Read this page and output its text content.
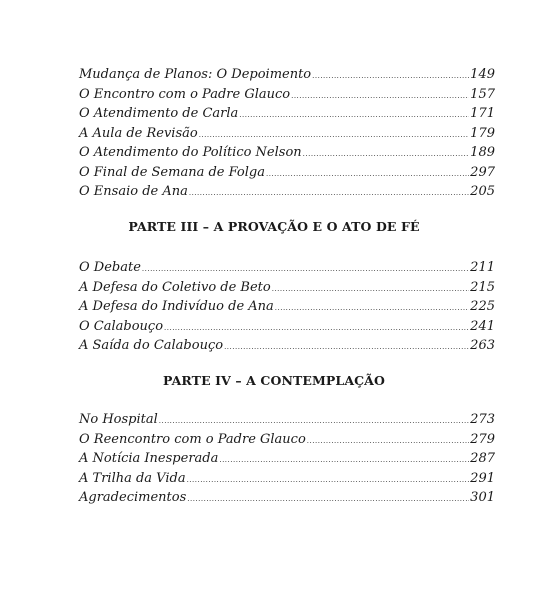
Mudança de Planos: O Depoimento .....	149
O Encontro com o Padre Glauco .....	157
O Atendimento de Carla .....	171
A Aula de Revisão .....	179
O Atendimento do Político Nelson .....	189
O Final de Semana de Folga .....	297
O Ensaio de Ana .....	205
PARTE III – A PROVAÇÃO E O ATO DE FÉ
O Debate .....	211
A Defesa do Coletivo de Beto .....	215
A Defesa do Indivíduo de Ana .....	225
O Calabouço .....	241
A Saída do Calabouço .....	263
PARTE IV – A CONTEMPLAÇÃO
No Hospital .....	273
O Reencontro com o Padre Glauco .....	279
A Notícia Inesperada .....	287
A Trilha da Vida .....	291
Agradecimentos .....	301
